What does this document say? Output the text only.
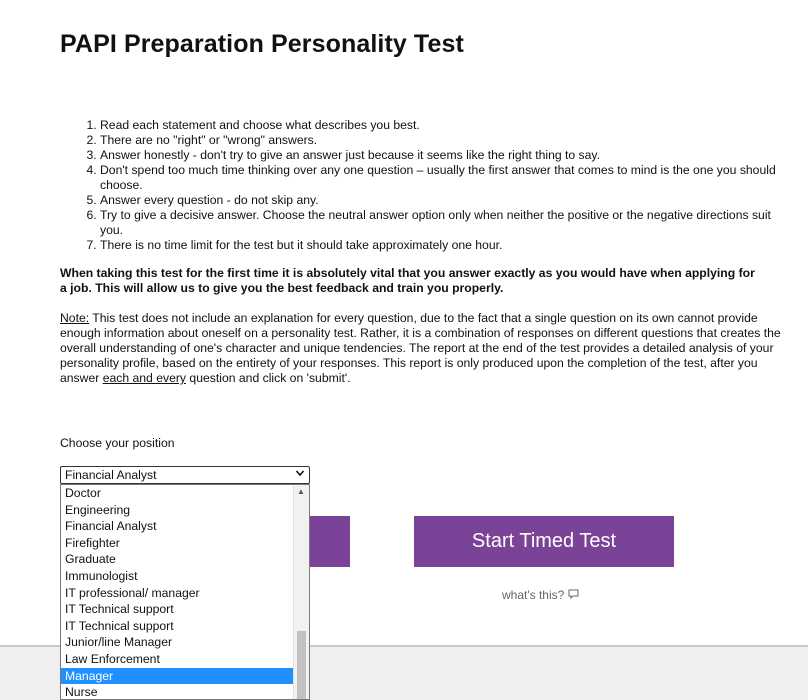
PAPI Preparation Personality Test
1. Read each statement and choose what describes you best.
2. There are no "right" or "wrong" answers.
3. Answer honestly - don't try to give an answer just because it seems like the right thing to say.
4. Don't spend too much time thinking over any one question – usually the first answer that comes to mind is the one you should choose.
5. Answer every question - do not skip any.
6. Try to give a decisive answer. Choose the neutral answer option only when neither the positive or the negative directions suit you.
7. There is no time limit for the test but it should take approximately one hour.

When taking this test for the first time it is absolutely vital that you answer exactly as you would have when applying for a job. This will allow us to give you the best feedback and train you properly.

Note: This test does not include an explanation for every question, due to the fact that a single question on its own cannot provide enough information about oneself on a personality test. Rather, it is a combination of responses on different questions that creates the overall understanding of one's character and unique tendencies. The report at the end of the test provides a detailed analysis of your personality profile, based on the entirety of your responses. This report is only produced upon the completion of the test, after you answer each and every question and click on 'submit'.

Choose your position
Financial Analyst
Start Timed Test
what's this?
Doctor
Engineering
Financial Analyst
Firefighter
Graduate
Immunologist
IT professional/ manager
IT Technical support
IT Technical support
Junior/line Manager
Law Enforcement
Manager
Nurse
▲
